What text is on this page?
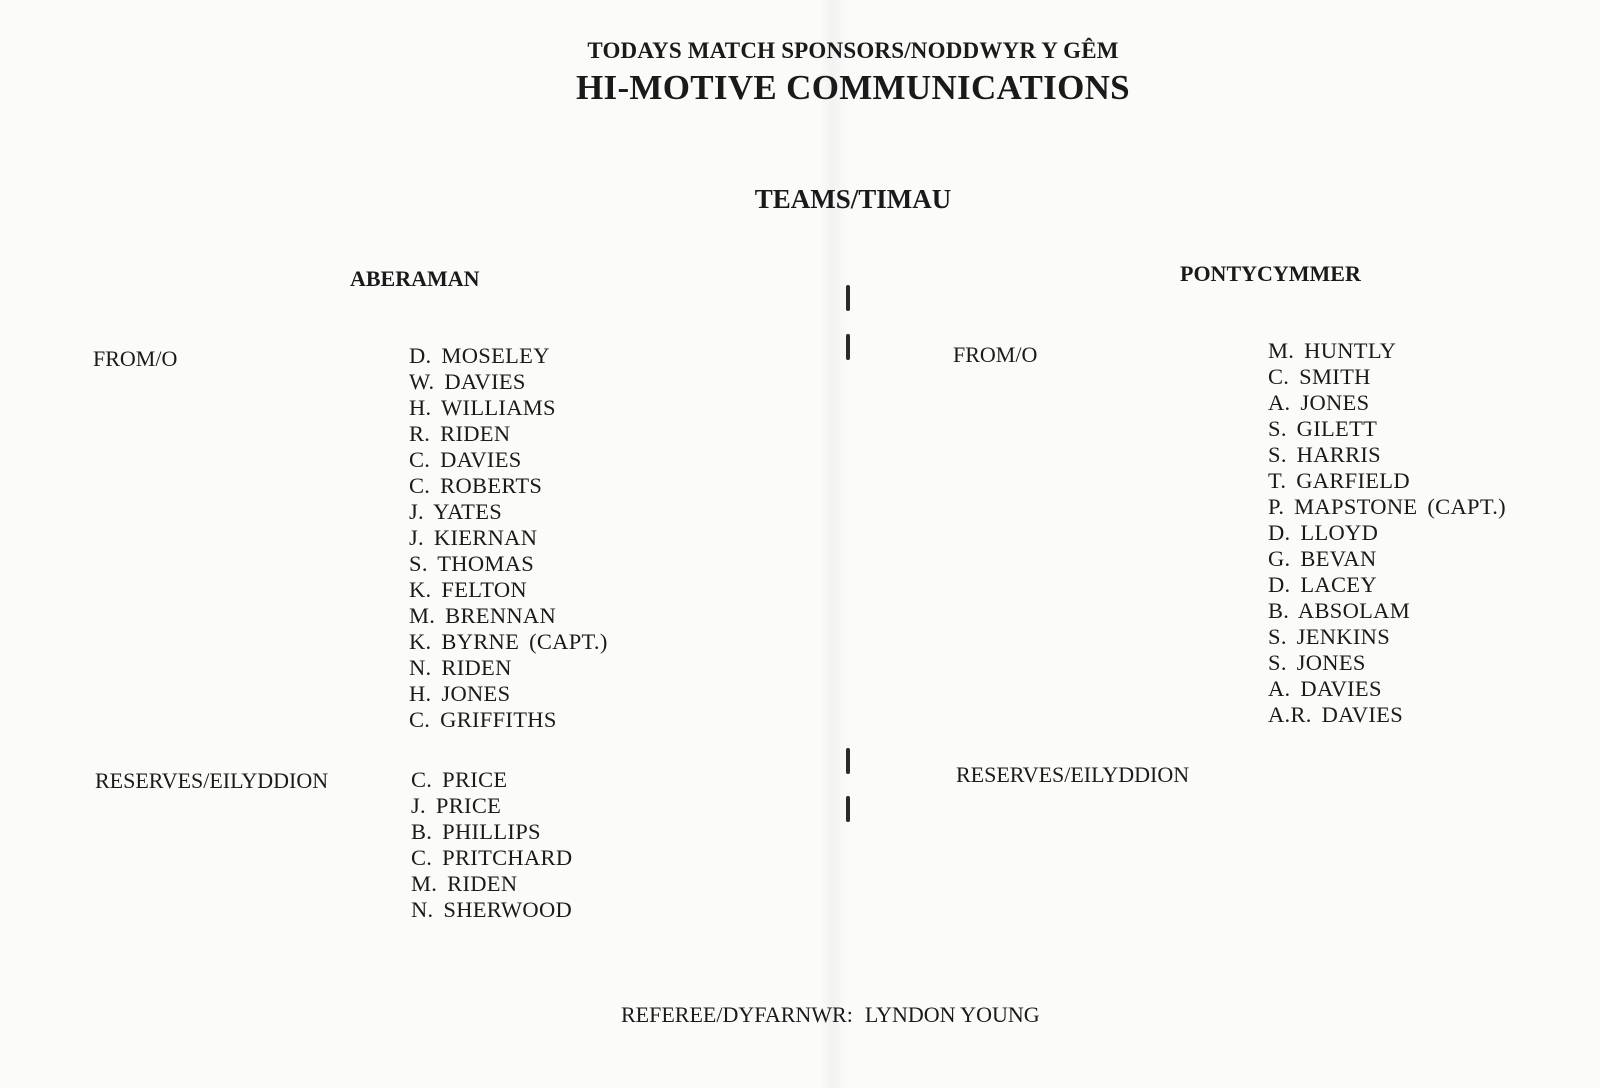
TODAYS MATCH SPONSORS/NODDWYR Y GÊM
HI-MOTIVE COMMUNICATIONS
TEAMS/TIMAU
ABERAMAN
FROM/O	D. MOSELEY
W. DAVIES
H. WILLIAMS
R. RIDEN
C. DAVIES
C. ROBERTS
J. YATES
J. KIERNAN
S. THOMAS
K. FELTON
M. BRENNAN
K. BYRNE (CAPT.)
N. RIDEN
H. JONES
C. GRIFFITHS
RESERVES/EILYDDION	C. PRICE
J. PRICE
B. PHILLIPS
C. PRITCHARD
M. RIDEN
N. SHERWOOD
PONTYCYMMER
FROM/O	M. HUNTLY
C. SMITH
A. JONES
S. GILETT
S. HARRIS
T. GARFIELD
P. MAPSTONE (CAPT.)
D. LLOYD
G. BEVAN
D. LACEY
B. ABSOLAM
S. JENKINS
S. JONES
A. DAVIES
A.R. DAVIES
RESERVES/EILYDDION
REFEREE/DYFARNWR: LYNDON YOUNG
